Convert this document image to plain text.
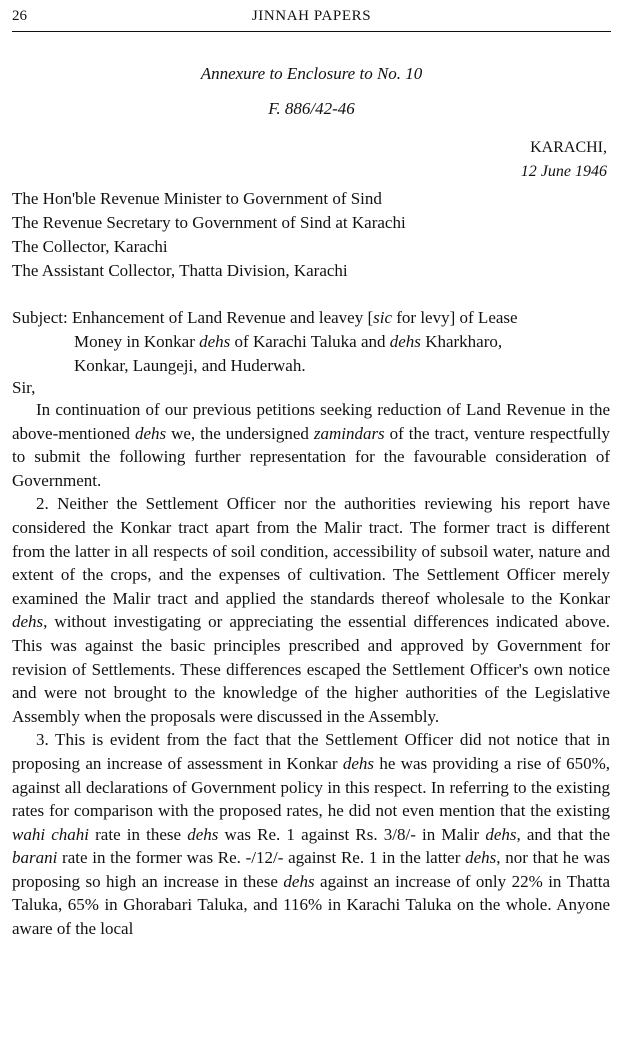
26	JINNAH PAPERS
Annexure to Enclosure to No. 10
F. 886/42-46
KARACHI,
12 June 1946
The Hon'ble Revenue Minister to Government of Sind
The Revenue Secretary to Government of Sind at Karachi
The Collector, Karachi
The Assistant Collector, Thatta Division, Karachi
Subject: Enhancement of Land Revenue and leavey [sic for levy] of Lease
Money in Konkar dehs of Karachi Taluka and dehs Kharkharo,
Konkar, Laungeji, and Huderwah.
Sir,

In continuation of our previous petitions seeking reduction of Land Revenue in the above-mentioned dehs we, the undersigned zamindars of the tract, venture respectfully to submit the following further representation for the favourable consideration of Government.

2. Neither the Settlement Officer nor the authorities reviewing his report have considered the Konkar tract apart from the Malir tract. The former tract is different from the latter in all respects of soil condition, accessibility of subsoil water, nature and extent of the crops, and the expenses of cultivation. The Settlement Officer merely examined the Malir tract and applied the standards thereof wholesale to the Konkar dehs, without investigating or appreciating the essential differences indicated above. This was against the basic principles prescribed and approved by Government for revision of Settlements. These differences escaped the Settlement Officer's own notice and were not brought to the knowledge of the higher authorities of the Legislative Assembly when the proposals were discussed in the Assembly.

3. This is evident from the fact that the Settlement Officer did not notice that in proposing an increase of assessment in Konkar dehs he was providing a rise of 650%, against all declarations of Government policy in this respect. In referring to the existing rates for comparison with the proposed rates, he did not even mention that the existing wahi chahi rate in these dehs was Re. 1 against Rs. 3/8/- in Malir dehs, and that the barani rate in the former was Re. -/12/- against Re. 1 in the latter dehs, nor that he was proposing so high an increase in these dehs against an increase of only 22% in Thatta Taluka, 65% in Ghorabari Taluka, and 116% in Karachi Taluka on the whole. Anyone aware of the local
